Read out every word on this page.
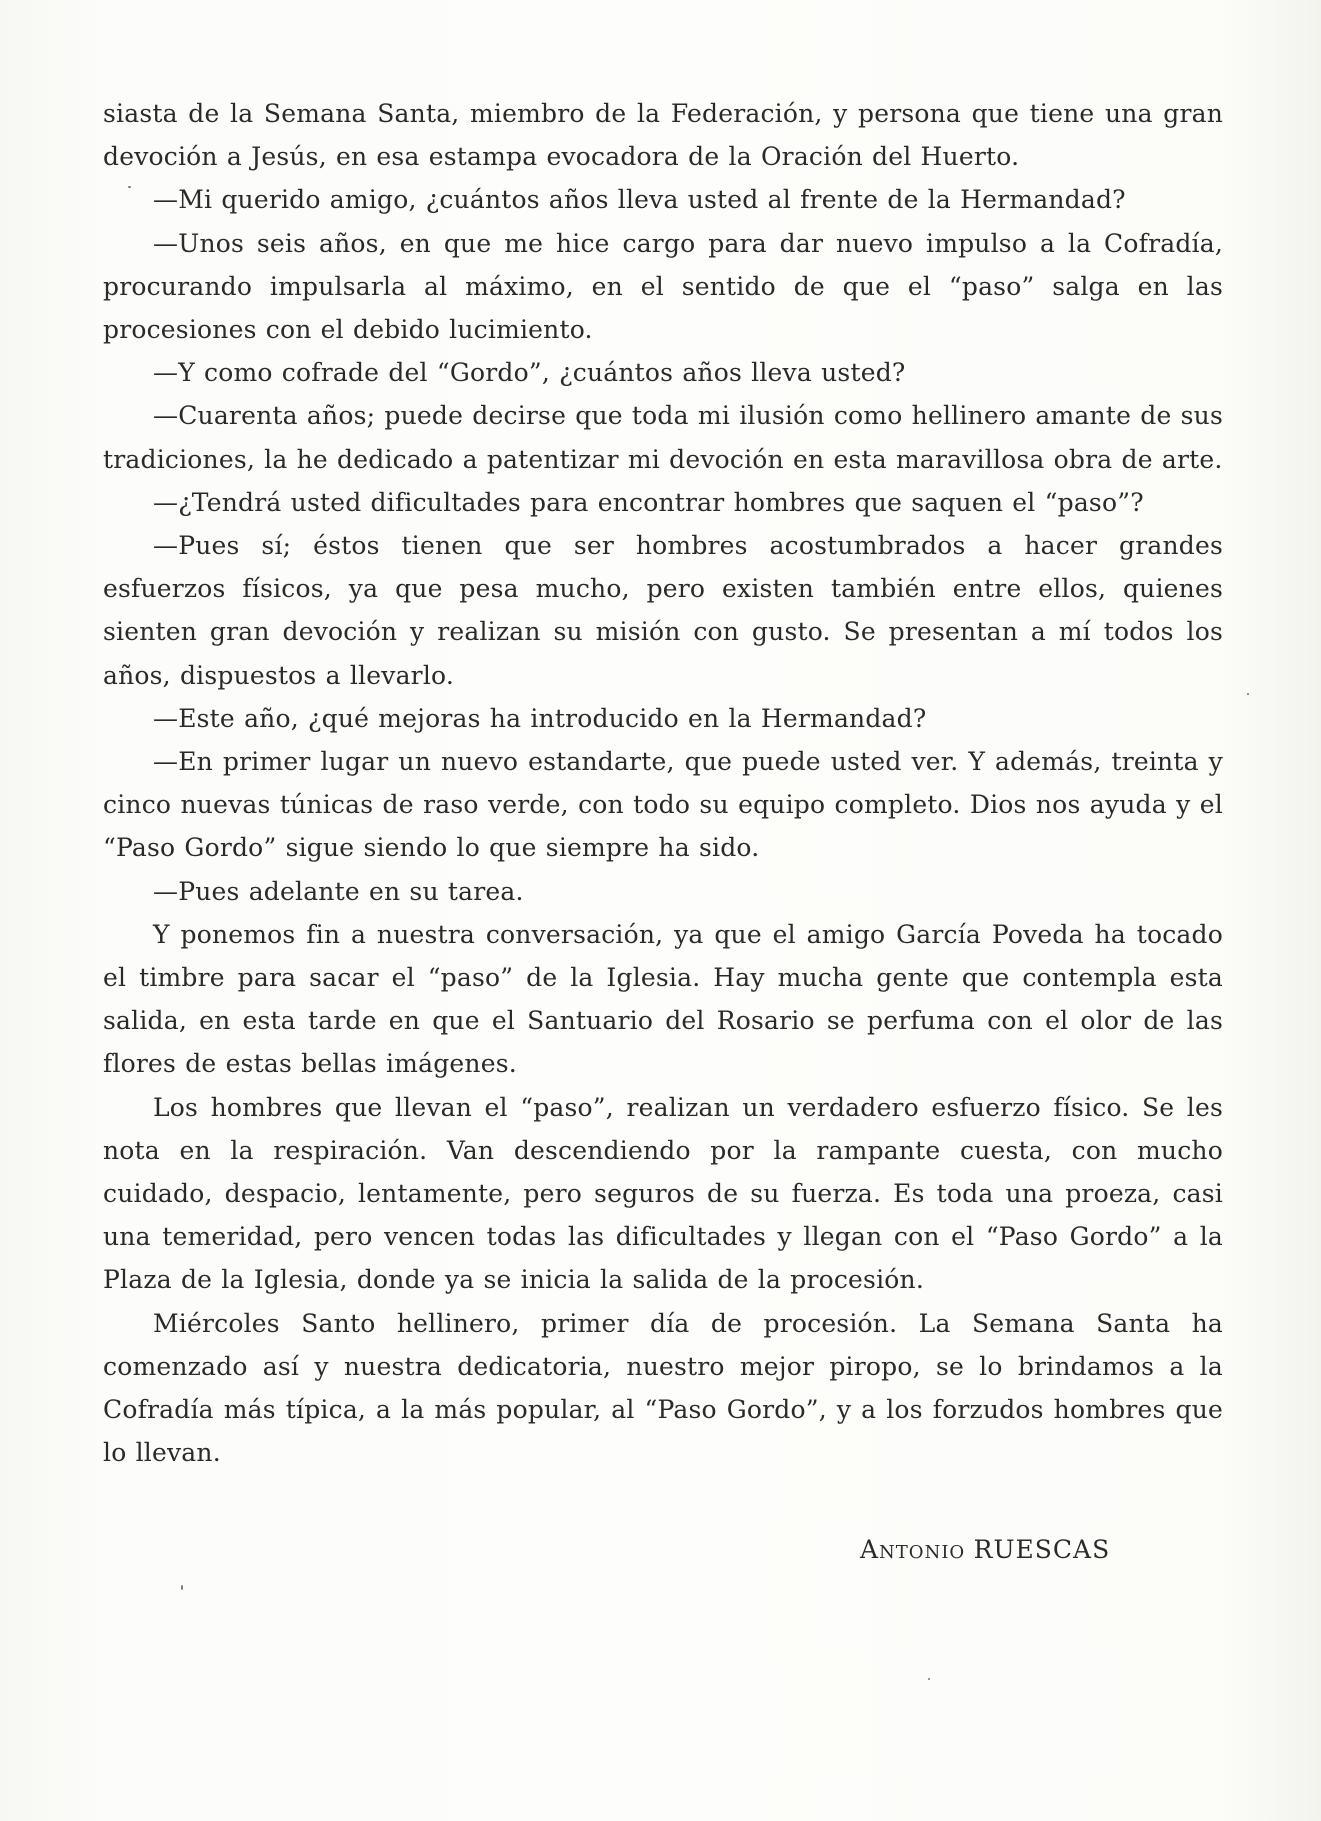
siasta de la Semana Santa, miembro de la Federación, y persona que tiene una gran devoción a Jesús, en esa estampa evocadora de la Oración del Huerto.

—Mi querido amigo, ¿cuántos años lleva usted al frente de la Hermandad?

—Unos seis años, en que me hice cargo para dar nuevo impulso a la Cofradía, procurando impulsarla al máximo, en el sentido de que el “paso” salga en las procesiones con el debido lucimiento.

—Y como cofrade del “Gordo”, ¿cuántos años lleva usted?

—Cuarenta años; puede decirse que toda mi ilusión como hellinero amante de sus tradiciones, la he dedicado a patentizar mi devoción en esta maravillosa obra de arte.

—¿Tendrá usted dificultades para encontrar hombres que saquen el “paso”?

—Pues sí; éstos tienen que ser hombres acostumbrados a hacer grandes esfuerzos físicos, ya que pesa mucho, pero existen también entre ellos, quienes sienten gran devoción y realizan su misión con gusto. Se presentan a mí todos los años, dispuestos a llevarlo.

—Este año, ¿qué mejoras ha introducido en la Hermandad?

—En primer lugar un nuevo estandarte, que puede usted ver. Y además, treinta y cinco nuevas túnicas de raso verde, con todo su equipo completo. Dios nos ayuda y el “Paso Gordo” sigue siendo lo que siempre ha sido.

—Pues adelante en su tarea.

Y ponemos fin a nuestra conversación, ya que el amigo García Poveda ha tocado el timbre para sacar el “paso” de la Iglesia. Hay mucha gente que contempla esta salida, en esta tarde en que el Santuario del Rosario se perfuma con el olor de las flores de estas bellas imágenes.

Los hombres que llevan el “paso”, realizan un verdadero esfuerzo físico. Se les nota en la respiración. Van descendiendo por la rampante cuesta, con mucho cuidado, despacio, lentamente, pero seguros de su fuerza. Es toda una proeza, casi una temeridad, pero vencen todas las dificultades y llegan con el “Paso Gordo” a la Plaza de la Iglesia, donde ya se inicia la salida de la procesión.

Miércoles Santo hellinero, primer día de procesión. La Semana Santa ha comenzado así y nuestra dedicatoria, nuestro mejor piropo, se lo brindamos a la Cofradía más típica, a la más popular, al “Paso Gordo”, y a los forzudos hombres que lo llevan.

Antonio RUESCAS
